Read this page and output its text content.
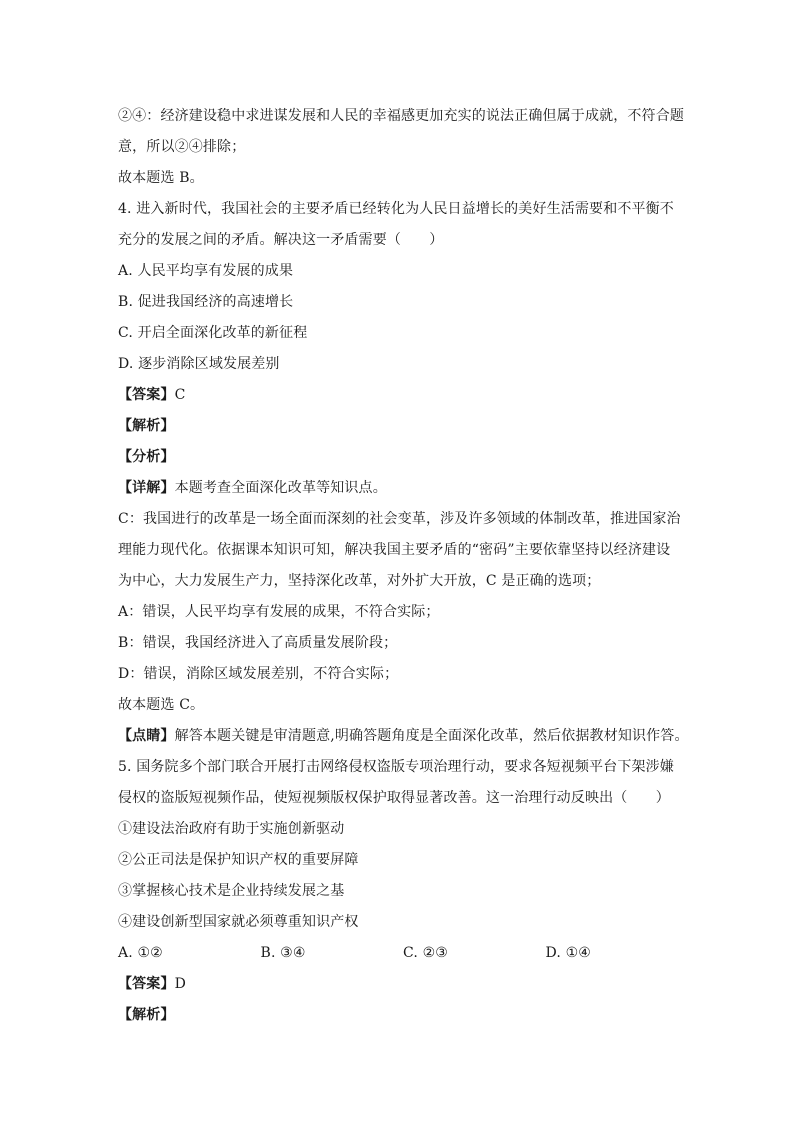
②④：经济建设稳中求进谋发展和人民的幸福感更加充实的说法正确但属于成就，不符合题
意，所以②④排除；
故本题选 B。
4. 进入新时代，我国社会的主要矛盾已经转化为人民日益增长的美好生活需要和不平衡不
充分的发展之间的矛盾。解决这一矛盾需要（　　）
A. 人民平均享有发展的成果
B. 促进我国经济的高速增长
C. 开启全面深化改革的新征程
D. 逐步消除区域发展差别
【答案】C
【解析】
【分析】
【详解】本题考查全面深化改革等知识点。
C：我国进行的改革是一场全面而深刻的社会变革，涉及许多领域的体制改革，推进国家治
理能力现代化。依据课本知识可知，解决我国主要矛盾的“密码”主要依靠坚持以经济建设
为中心，大力发展生产力，坚持深化改革，对外扩大开放，C 是正确的选项；
A：错误，人民平均享有发展的成果，不符合实际；
B：错误，我国经济进入了高质量发展阶段；
D：错误，消除区域发展差别，不符合实际；
故本题选 C。
【点睛】解答本题关键是审清题意,明确答题角度是全面深化改革，然后依据教材知识作答。
5. 国务院多个部门联合开展打击网络侵权盗版专项治理行动，要求各短视频平台下架涉嫌
侵权的盗版短视频作品，使短视频版权保护取得显著改善。这一治理行动反映出（　　）
①建设法治政府有助于实施创新驱动
②公正司法是保护知识产权的重要屏障
③掌握核心技术是企业持续发展之基
④建设创新型国家就必须尊重知识产权
A. ①②	B. ③④	C. ②③	D. ①④
【答案】D
【解析】
